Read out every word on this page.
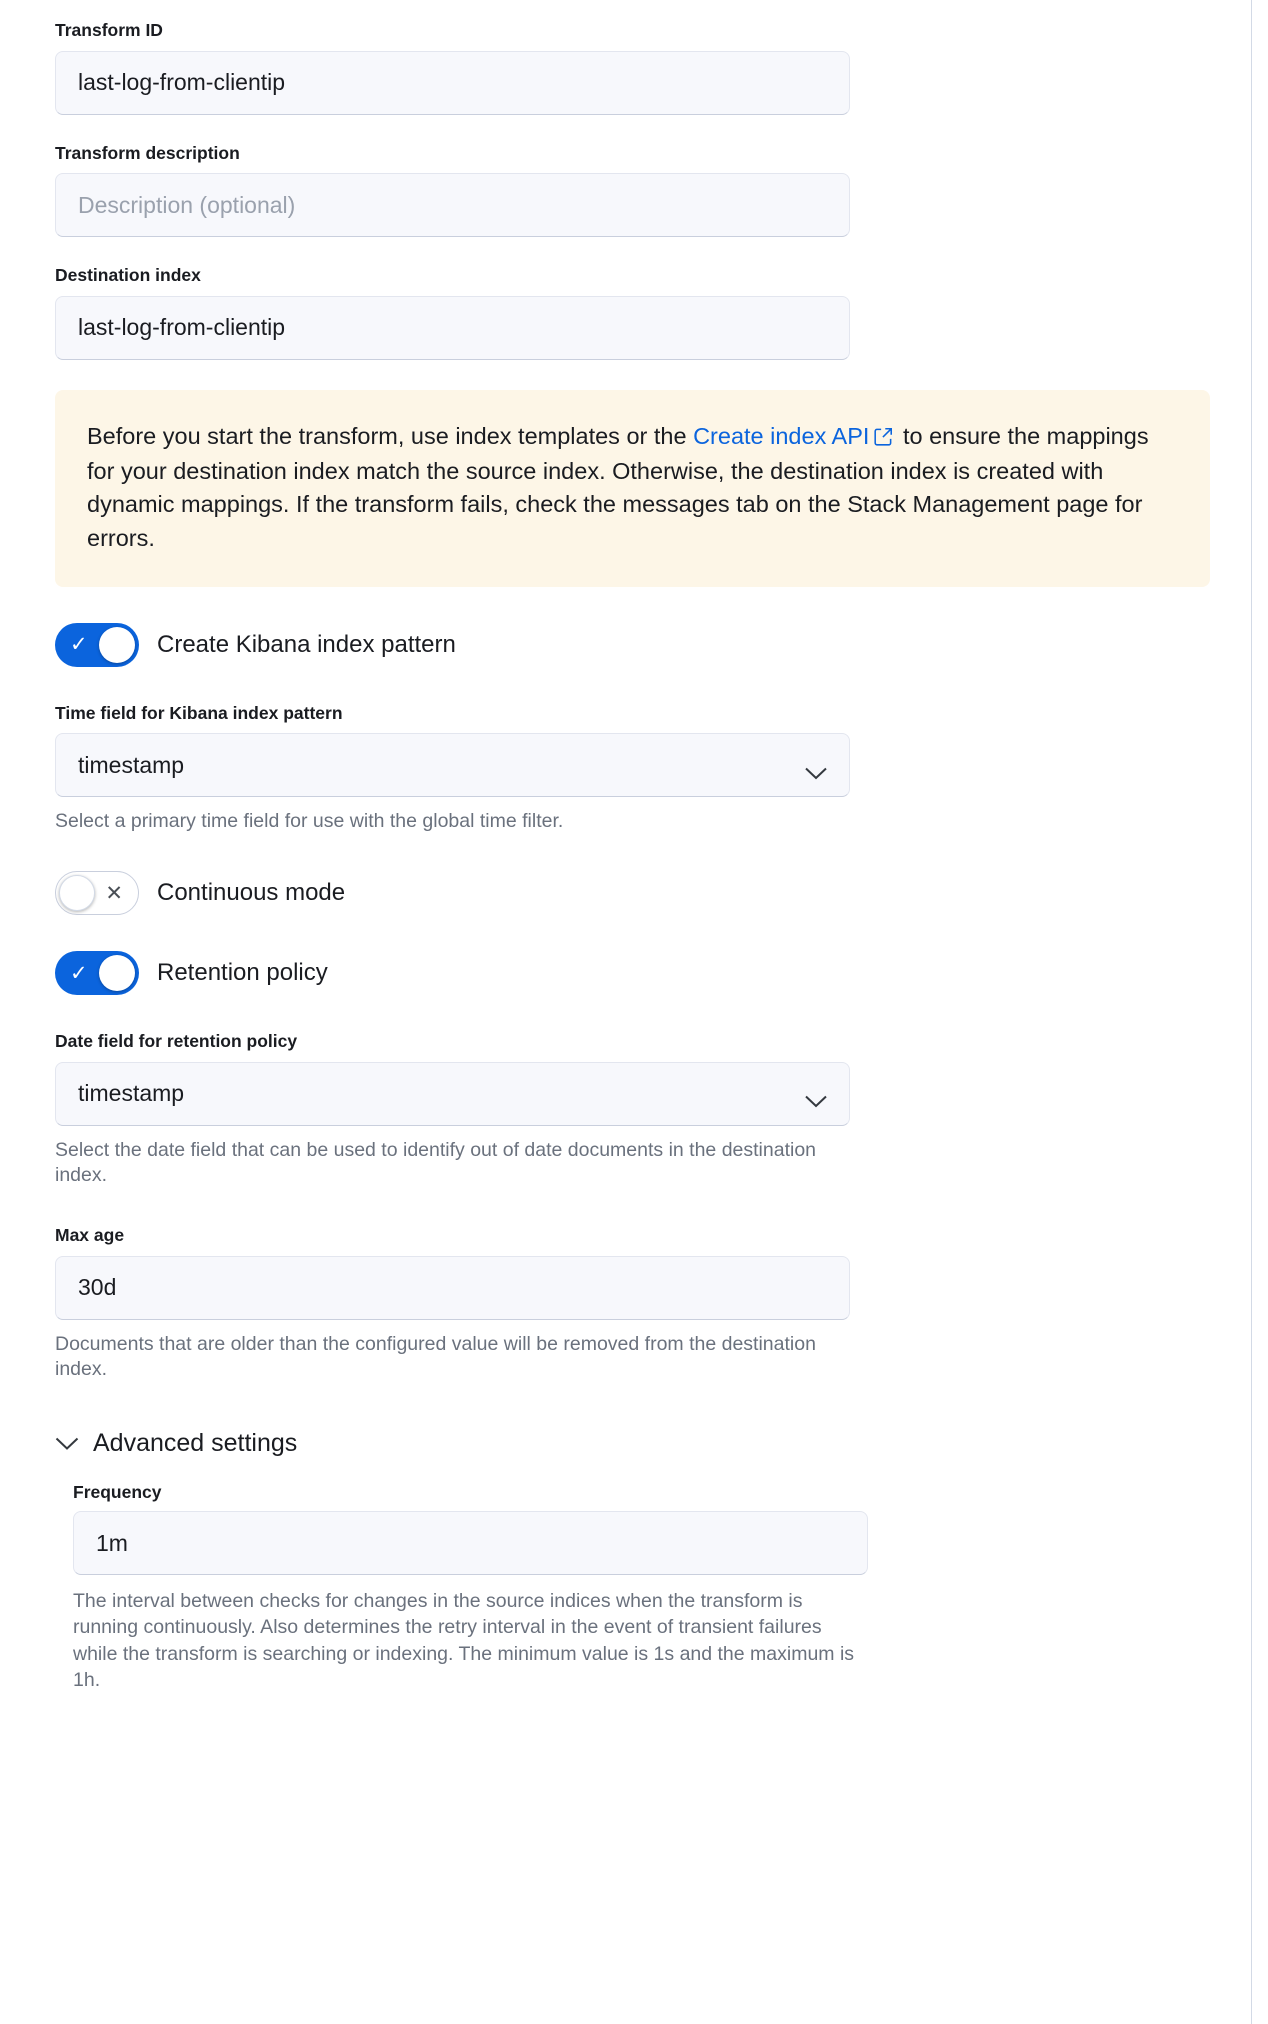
Transform ID
last-log-from-clientip
Transform description
Description (optional)
Destination index
last-log-from-clientip

Before you start the transform, use index templates or the Create index API to ensure the mappings for your destination index match the source index. Otherwise, the destination index is created with dynamic mappings. If the transform fails, check the messages tab on the Stack Management page for errors.

✓	Create Kibana index pattern
Time field for Kibana index pattern
timestamp

Select a primary time field for use with the global time filter.

✕ Continuous mode
✓	Retention policy
Date field for retention policy
timestamp

Select the date field that can be used to identify out of date documents in the destination index.

Max age
30d

Documents that are older than the configured value will be removed from the destination index.

Advanced settings
Frequency
1m

The interval between checks for changes in the source indices when the transform is running continuously. Also determines the retry interval in the event of transient failures while the transform is searching or indexing. The minimum value is 1s and the maximum is 1h.
